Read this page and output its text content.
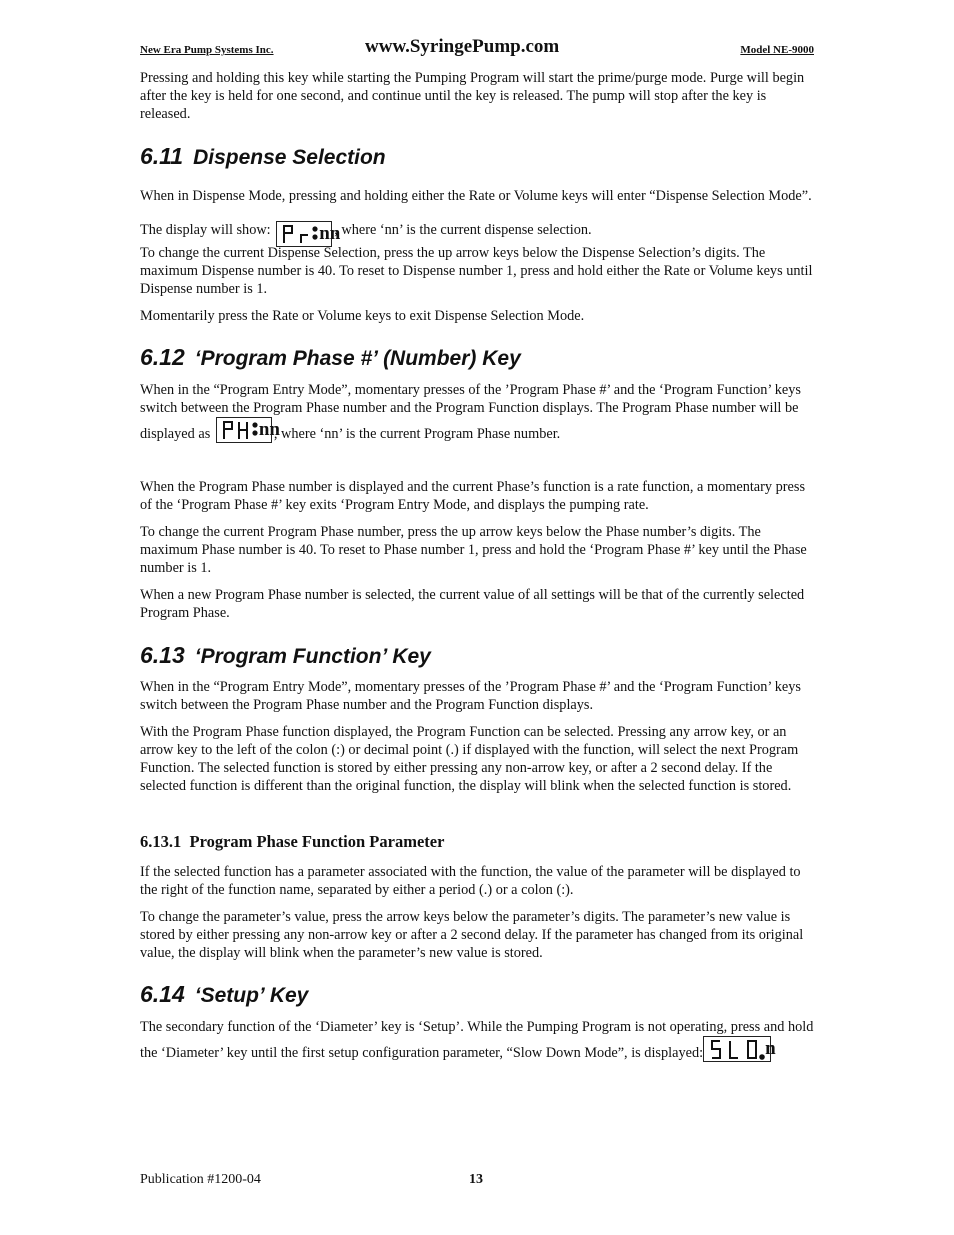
New Era Pump Systems Inc.	www.SyringePump.com	Model NE-9000

Pressing and holding this key while starting the Pumping Program will start the prime/purge mode. Purge will begin after the key is held for one second, and continue until the key is released. The pump will stop after the key is released.

6.11 Dispense Selection

When in Dispense Mode, pressing and holding either the Rate or Volume keys will enter “Dispense Selection Mode”. The display will show:	nn
, where ‘nn’ is the current dispense selection.

To change the current Dispense Selection, press the up arrow keys below the Dispense Selection’s digits. The maximum Dispense number is 40. To reset to Dispense number 1, press and hold either the Rate or Volume keys until Dispense number is 1.

Momentarily press the Rate or Volume keys to exit Dispense Selection Mode.

6.12 ‘Program Phase #’ (Number) Key

When in the “Program Entry Mode”, momentary presses of the ’Program Phase #’ and the ‘Program Function’ keys switch between the Program Phase number and the Program Function displays. The Program Phase number will be displayed as	nn
, where ‘nn’ is the current Program Phase number.

When the Program Phase number is displayed and the current Phase’s function is a rate function, a momentary press of the ‘Program Phase #’ key exits ‘Program Entry Mode, and displays the pumping rate.

To change the current Program Phase number, press the up arrow keys below the Phase number’s digits. The maximum Phase number is 40. To reset to Phase number 1, press and hold the ‘Program Phase #’ key until the Phase number is 1.

When a new Program Phase number is selected, the current value of all settings will be that of the currently selected Program Phase.

6.13 ‘Program Function’ Key

When in the “Program Entry Mode”, momentary presses of the ’Program Phase #’ and the ‘Program Function’ keys switch between the Program Phase number and the Program Function displays.

With the Program Phase function displayed, the Program Function can be selected. Pressing any arrow key, or an arrow key to the left of the colon (:) or decimal point (.) if displayed with the function, will select the next Program Function. The selected function is stored by either pressing any non-arrow key, or after a 2 second delay. If the selected function is different than the original function, the display will blink when the selected function is stored.

6.13.1 Program Phase Function Parameter

If the selected function has a parameter associated with the function, the value of the parameter will be displayed to the right of the function name, separated by either a period (.) or a colon (:).

To change the parameter’s value, press the arrow keys below the parameter’s digits. The parameter’s new value is stored by either pressing any non-arrow key or after a 2 second delay. If the parameter has changed from its original value, the display will blink when the parameter’s new value is stored.

6.14 ‘Setup’ Key

The secondary function of the ‘Diameter’ key is ‘Setup’. While the Pumping Program is not operating, press and hold the ‘Diameter’ key until the first setup configuration parameter, “Slow Down Mode”, is displayed:	n

Publication #1200-04	13
